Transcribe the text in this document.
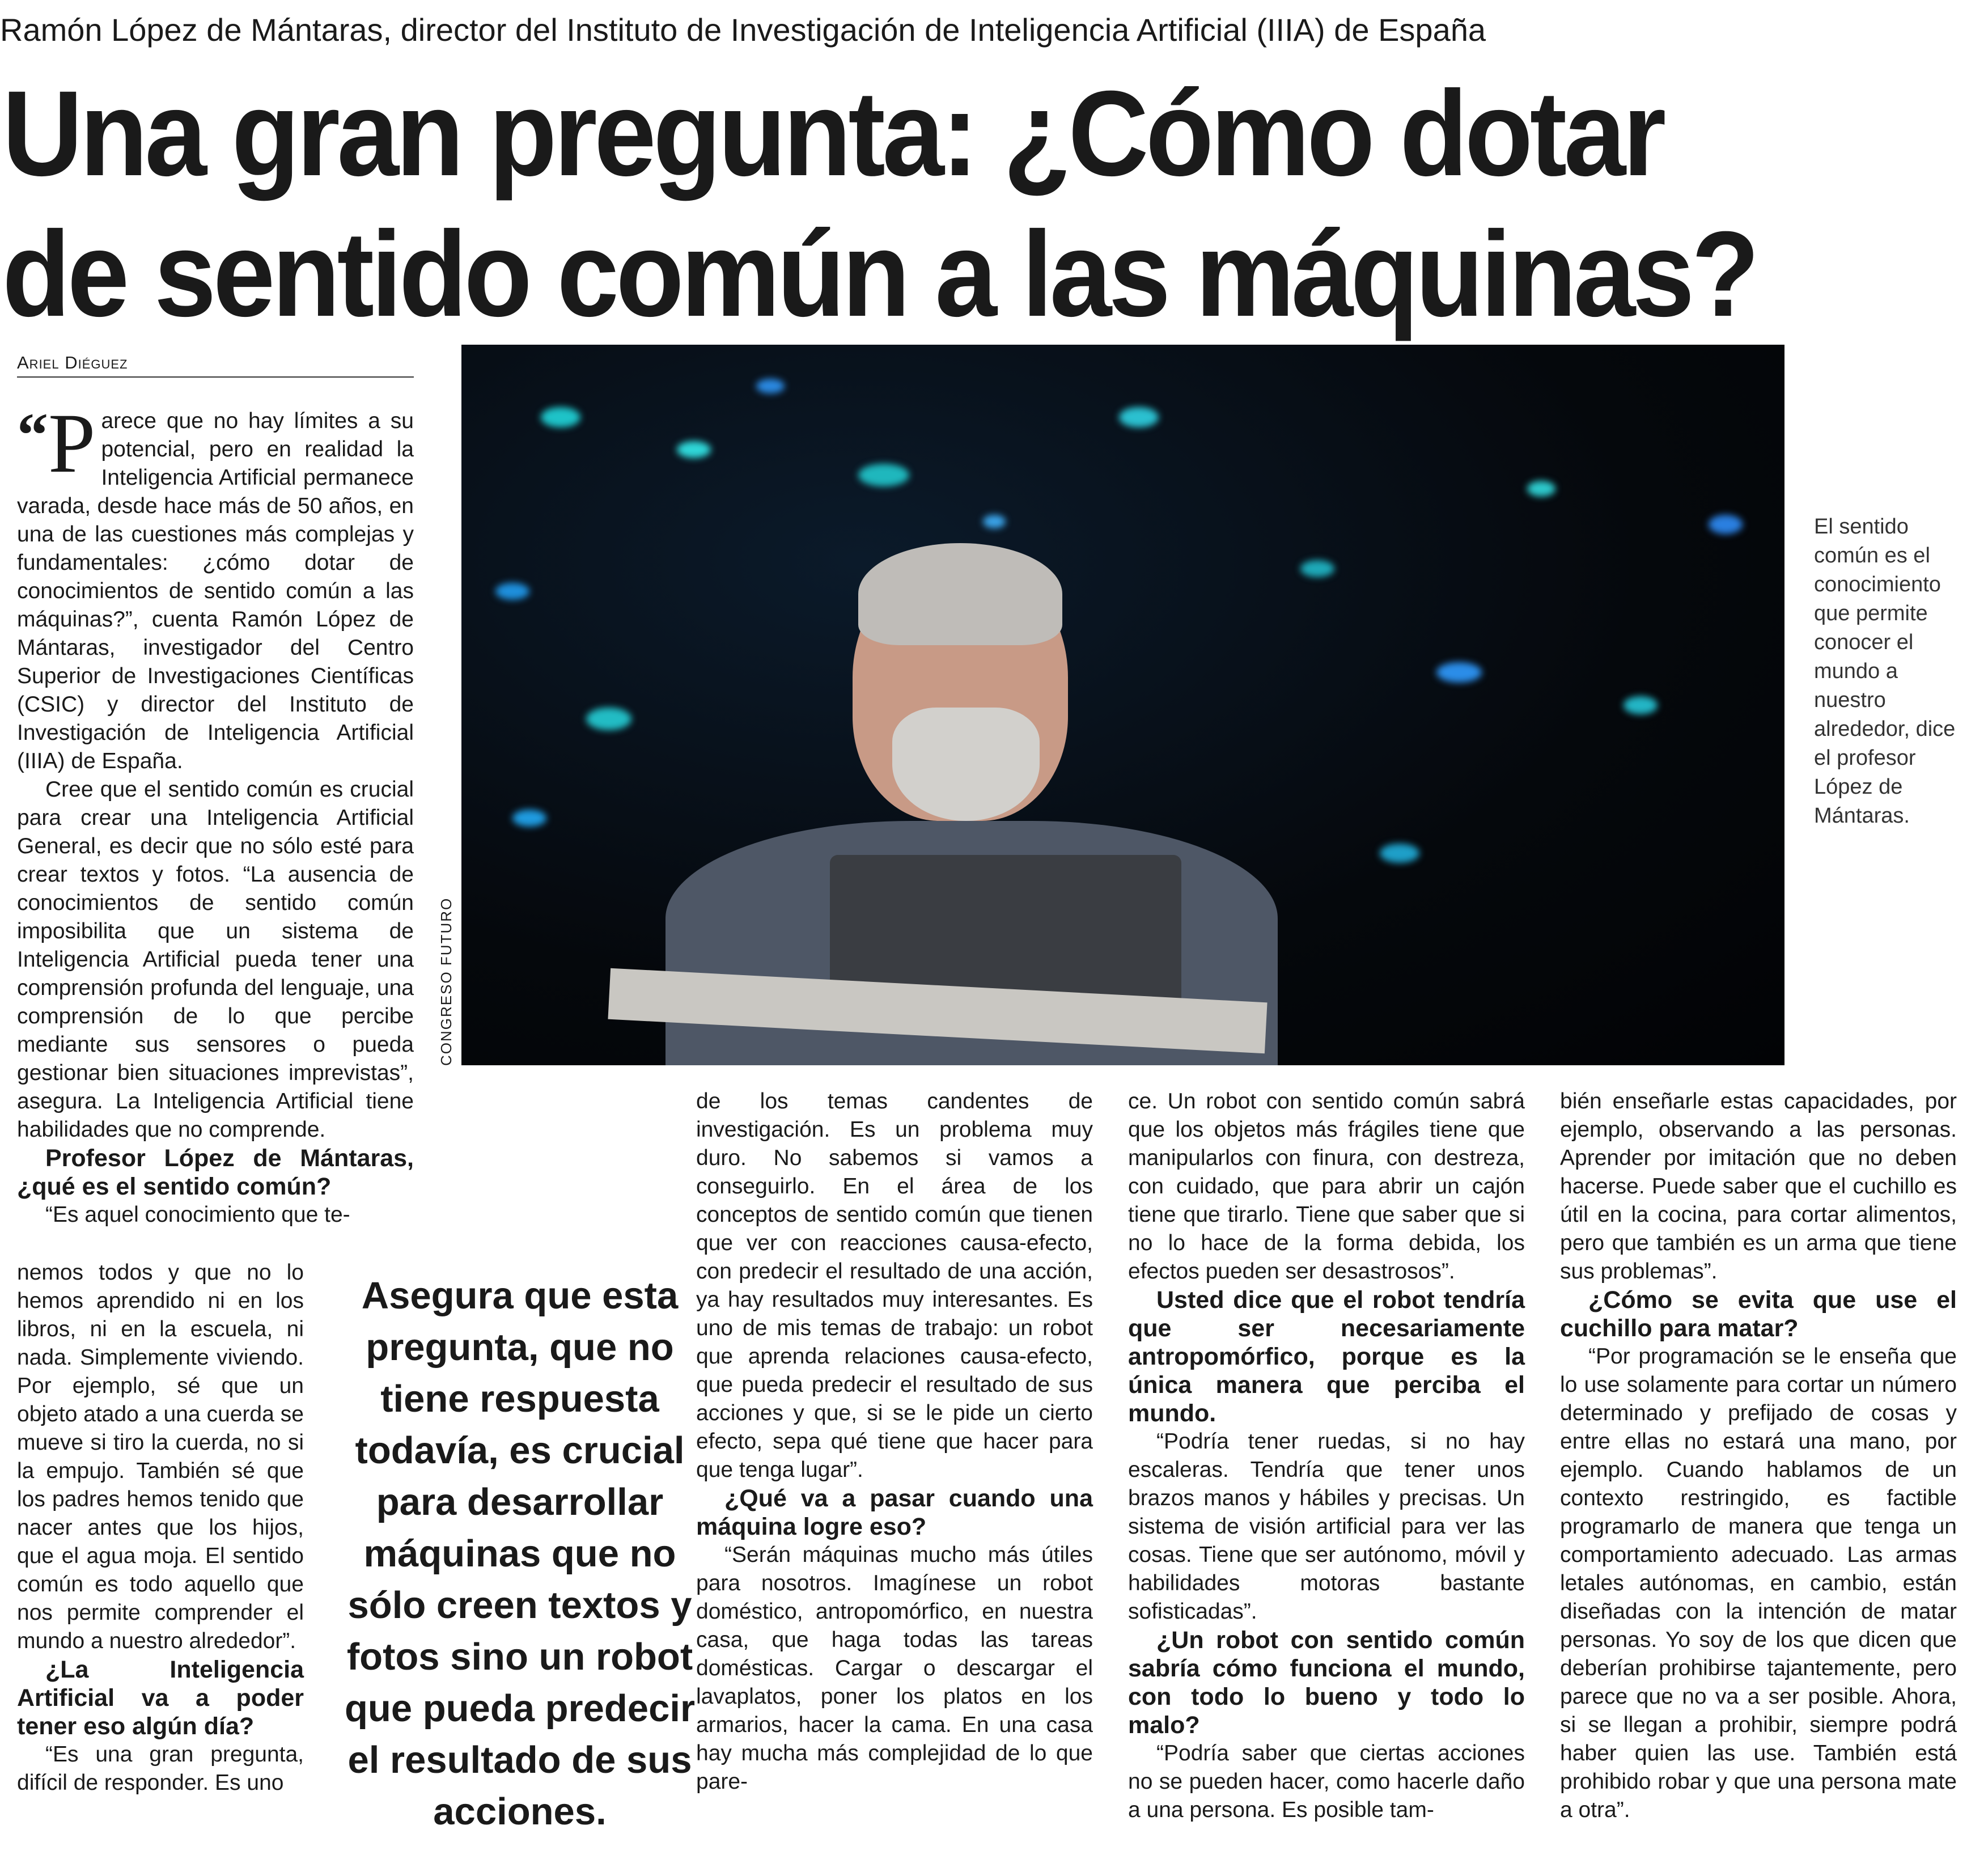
Ramón López de Mántaras, director del Instituto de Investigación de Inteligencia Artificial (IIIA) de España
Una gran pregunta: ¿Cómo dotar
de sentido común a las máquinas?
Ariel Diéguez

“P arece que no hay límites a su potencial, pero en realidad la Inteligencia Artificial permanece varada, desde hace más de 50 años, en una de las cuestiones más complejas y fundamentales: ¿cómo dotar de conocimientos de sentido común a las máquinas?”, cuenta Ramón López de Mántaras, investigador del Centro Superior de Investigaciones Científicas (CSIC) y director del Instituto de Investigación de Inteligencia Artificial (IIIA) de España.

Cree que el sentido común es crucial para crear una Inteligencia Artificial General, es decir que no sólo esté para crear textos y fotos. “La ausencia de conocimientos de sentido común imposibilita que un sistema de Inteligencia Artificial pueda tener una comprensión profunda del lenguaje, una comprensión de lo que percibe mediante sus sensores o pueda gestionar bien situaciones imprevistas”, asegura. La Inteligencia Artificial tiene habilidades que no comprende.

Profesor López de Mántaras, ¿qué es el sentido común?

“Es aquel conocimiento que te-

nemos todos y que no lo hemos aprendido ni en los libros, ni en la escuela, ni nada. Simplemente viviendo. Por ejemplo, sé que un objeto atado a una cuerda se mueve si tiro la cuerda, no si la empujo. También sé que los padres hemos tenido que nacer antes que los hijos, que el agua moja. El sentido común es todo aquello que nos permite comprender el mundo a nuestro alrededor”.

¿La Inteligencia Artificial va a poder tener eso algún día?

“Es una gran pregunta, difícil de responder. Es uno

CONGRESO FUTURO
El sentido común es el conocimiento que permite conocer el mundo a nuestro alrededor, dice el profesor López de Mántaras.
Asegura que esta pregunta, que no tiene respuesta todavía, es crucial para desarrollar máquinas que no sólo creen textos y fotos sino un robot que pueda predecir el resultado de sus acciones.

de los temas candentes de investigación. Es un problema muy duro. No sabemos si vamos a conseguirlo. En el área de los conceptos de sentido común que tienen que ver con reacciones causa-efecto, con predecir el resultado de una acción, ya hay resultados muy interesantes. Es uno de mis temas de trabajo: un robot que aprenda relaciones causa-efecto, que pueda predecir el resultado de sus acciones y que, si se le pide un cierto efecto, sepa qué tiene que hacer para que tenga lugar”.

¿Qué va a pasar cuando una máquina logre eso?

“Serán máquinas mucho más útiles para nosotros. Imagínese un robot doméstico, antropomórfico, en nuestra casa, que haga todas las tareas domésticas. Cargar o descargar el lavaplatos, poner los platos en los armarios, hacer la cama. En una casa hay mucha más complejidad de lo que pare-

ce. Un robot con sentido común sabrá que los objetos más frágiles tiene que manipularlos con finura, con destreza, con cuidado, que para abrir un cajón tiene que tirarlo. Tiene que saber que si no lo hace de la forma debida, los efectos pueden ser desastrosos”.

Usted dice que el robot tendría que ser necesariamente antropomórfico, porque es la única manera que perciba el mundo.

“Podría tener ruedas, si no hay escaleras. Tendría que tener unos brazos manos y hábiles y precisas. Un sistema de visión artificial para ver las cosas. Tiene que ser autónomo, móvil y habilidades motoras bastante sofisticadas”.

¿Un robot con sentido común sabría cómo funciona el mundo, con todo lo bueno y todo lo malo?

“Podría saber que ciertas acciones no se pueden hacer, como hacerle daño a una persona. Es posible tam-

bién enseñarle estas capacidades, por ejemplo, observando a las personas. Aprender por imitación que no deben hacerse. Puede saber que el cuchillo es útil en la cocina, para cortar alimentos, pero que también es un arma que tiene sus problemas”.

¿Cómo se evita que use el cuchillo para matar?

“Por programación se le enseña que lo use solamente para cortar un número determinado y prefijado de cosas y entre ellas no estará una mano, por ejemplo. Cuando hablamos de un contexto restringido, es factible programarlo de manera que tenga un comportamiento adecuado. Las armas letales autónomas, en cambio, están diseñadas con la intención de matar personas. Yo soy de los que dicen que deberían prohibirse tajantemente, pero parece que no va a ser posible. Ahora, si se llegan a prohibir, siempre podrá haber quien las use. También está prohibido robar y que una persona mate a otra”.
